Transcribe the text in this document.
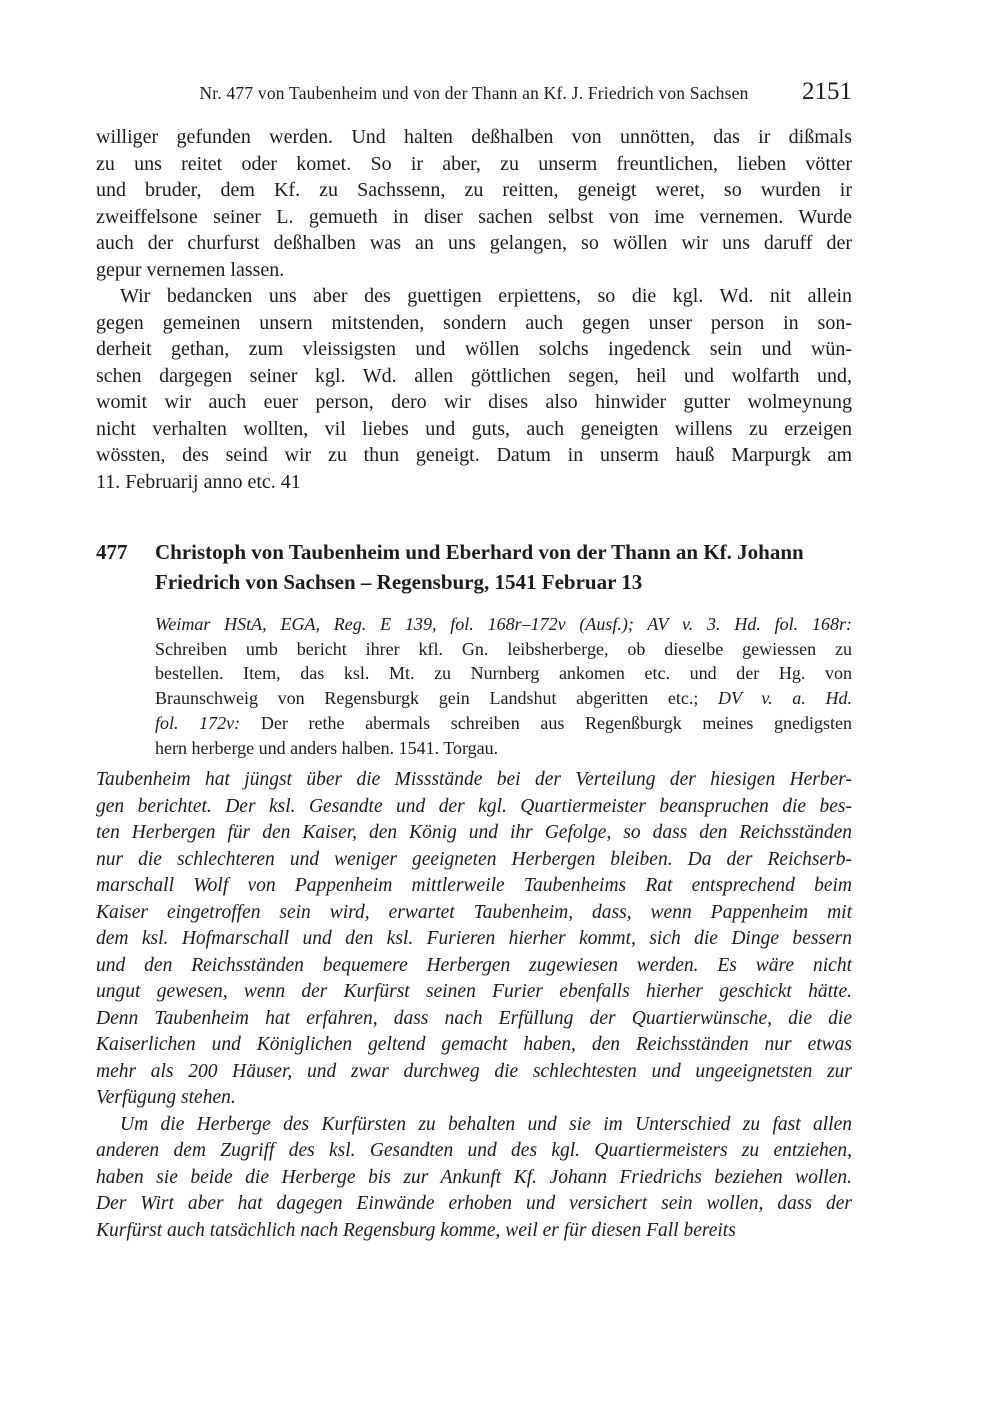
Nr. 477 von Taubenheim und von der Thann an Kf. J. Friedrich von Sachsen	2151
williger gefunden werden. Und halten deßhalben von unnötten, das ir dißmals
zu uns reitet oder komet. So ir aber, zu unserm freuntlichen, lieben vötter
und bruder, dem Kf. zu Sachssenn, zu reitten, geneigt weret, so wurden ir
zweiffelsone seiner L. gemueth in diser sachen selbst von ime vernemen. Wurde
auch der churfurst deßhalben was an uns gelangen, so wöllen wir uns daruff der
gepur vernemen lassen.
Wir bedancken uns aber des guettigen erpiettens, so die kgl. Wd. nit allein
gegen gemeinen unsern mitstenden, sondern auch gegen unser person in son-
derheit gethan, zum vleissigsten und wöllen solchs ingedenck sein und wün-
schen dargegen seiner kgl. Wd. allen göttlichen segen, heil und wolfarth und,
womit wir auch euer person, dero wir dises also hinwider gutter wolmeynung
nicht verhalten wollten, vil liebes und guts, auch geneigten willens zu erzeigen
wössten, des seind wir zu thun geneigt. Datum in unserm hauß Marpurgk am
11. Februarij anno etc. 41
477 Christoph von Taubenheim und Eberhard von der Thann an Kf. Johann
Friedrich von Sachsen – Regensburg, 1541 Februar 13
Weimar HStA, EGA, Reg. E 139, fol. 168r–172v (Ausf.); AV v. 3. Hd. fol. 168r:
Schreiben umb bericht ihrer kfl. Gn. leibsherberge, ob dieselbe gewiessen zu
bestellen. Item, das ksl. Mt. zu Nurnberg ankomen etc. und der Hg. von
Braunschweig von Regensburgk gein Landshut abgeritten etc.; DV v. a. Hd.
fol. 172v: Der rethe abermals schreiben aus Regenßburgk meines gnedigsten
hern herberge und anders halben. 1541. Torgau.
Taubenheim hat jüngst über die Missstände bei der Verteilung der hiesigen Herber-
gen berichtet. Der ksl. Gesandte und der kgl. Quartiermeister beanspruchen die bes-
ten Herbergen für den Kaiser, den König und ihr Gefolge, so dass den Reichsständen
nur die schlechteren und weniger geeigneten Herbergen bleiben. Da der Reichserb-
marschall Wolf von Pappenheim mittlerweile Taubenheims Rat entsprechend beim
Kaiser eingetroffen sein wird, erwartet Taubenheim, dass, wenn Pappenheim mit
dem ksl. Hofmarschall und den ksl. Furieren hierher kommt, sich die Dinge bessern
und den Reichsständen bequemere Herbergen zugewiesen werden. Es wäre nicht
ungut gewesen, wenn der Kurfürst seinen Furier ebenfalls hierher geschickt hätte.
Denn Taubenheim hat erfahren, dass nach Erfüllung der Quartierwünsche, die die
Kaiserlichen und Königlichen geltend gemacht haben, den Reichsständen nur etwas
mehr als 200 Häuser, und zwar durchweg die schlechtesten und ungeeignetsten zur
Verfügung stehen.
Um die Herberge des Kurfürsten zu behalten und sie im Unterschied zu fast allen
anderen dem Zugriff des ksl. Gesandten und des kgl. Quartiermeisters zu entziehen,
haben sie beide die Herberge bis zur Ankunft Kf. Johann Friedrichs beziehen wollen.
Der Wirt aber hat dagegen Einwände erhoben und versichert sein wollen, dass der
Kurfürst auch tatsächlich nach Regensburg komme, weil er für diesen Fall bereits
